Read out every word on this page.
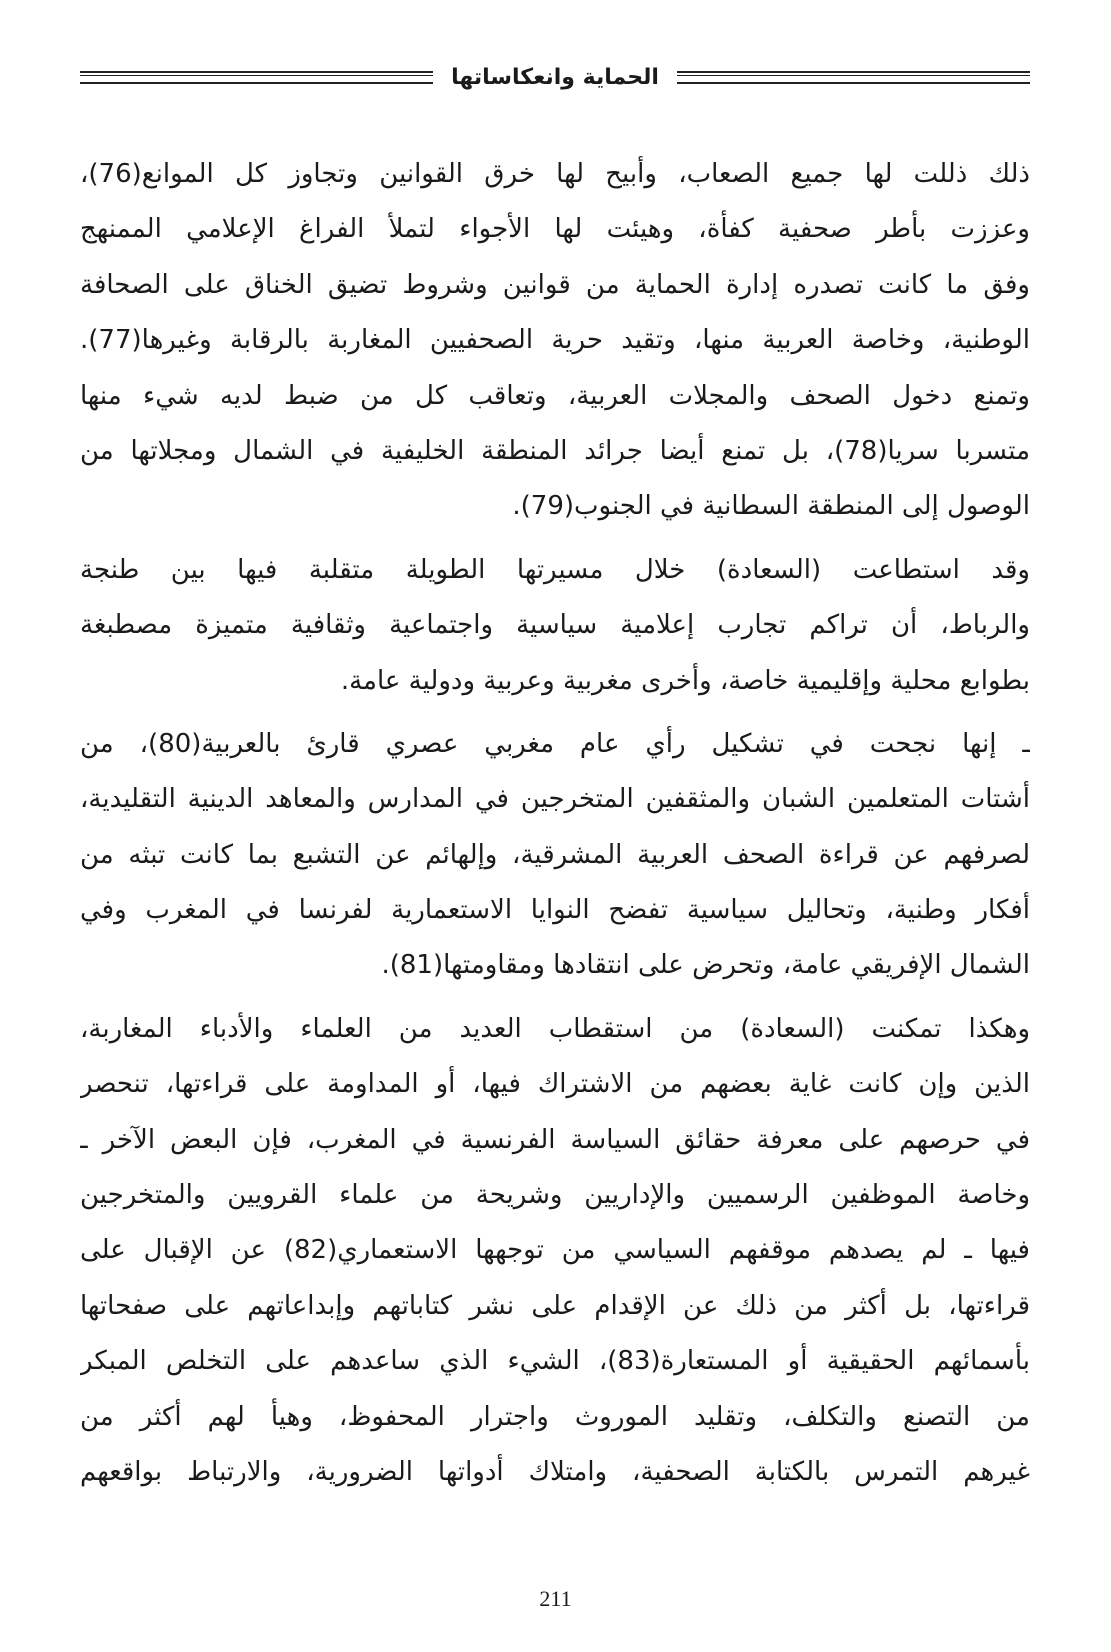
الحماية وانعكاساتها
ذلك ذللت لها جميع الصعاب، وأبيح لها خرق القوانين وتجاوز كل الموانع(76)،
وعززت بأطر صحفية كفأة، وهيئت لها الأجواء لتملأ الفراغ الإعلامي الممنهج
وفق ما كانت تصدره إدارة الحماية من قوانين وشروط تضيق الخناق على الصحافة
الوطنية، وخاصة العربية منها، وتقيد حرية الصحفيين المغاربة بالرقابة وغيرها(77).
وتمنع دخول الصحف والمجلات العربية، وتعاقب كل من ضبط لديه شيء منها
متسربا سريا(78)، بل تمنع أيضا جرائد المنطقة الخليفية في الشمال ومجلاتها من
الوصول إلى المنطقة السطانية في الجنوب(79).
وقد استطاعت (السعادة) خلال مسيرتها الطويلة متقلبة فيها بين طنجة
والرباط، أن تراكم تجارب إعلامية سياسية واجتماعية وثقافية متميزة مصطبغة
بطوابع محلية وإقليمية خاصة، وأخرى مغربية وعربية ودولية عامة.
ـ إنها نجحت في تشكيل رأي عام مغربي عصري قارئ بالعربية(80)، من
أشتات المتعلمين الشبان والمثقفين المتخرجين في المدارس والمعاهد الدينية التقليدية،
لصرفهم عن قراءة الصحف العربية المشرقية، وإلهائم عن التشبع بما كانت تبثه من
أفكار وطنية، وتحاليل سياسية تفضح النوايا الاستعمارية لفرنسا في المغرب وفي
الشمال الإفريقي عامة، وتحرض على انتقادها ومقاومتها(81).
وهكذا تمكنت (السعادة) من استقطاب العديد من العلماء والأدباء المغاربة،
الذين وإن كانت غاية بعضهم من الاشتراك فيها، أو المداومة على قراءتها، تنحصر
في حرصهم على معرفة حقائق السياسة الفرنسية في المغرب، فإن البعض الآخر ـ
وخاصة الموظفين الرسميين والإداريين وشريحة من علماء القرويين والمتخرجين
فيها ـ لم يصدهم موقفهم السياسي من توجهها الاستعماري(82) عن الإقبال على
قراءتها، بل أكثر من ذلك عن الإقدام على نشر كتاباتهم وإبداعاتهم على صفحاتها
بأسمائهم الحقيقية أو المستعارة(83)، الشيء الذي ساعدهم على التخلص المبكر
من التصنع والتكلف، وتقليد الموروث واجترار المحفوظ، وهيأ لهم أكثر من
غيرهم التمرس بالكتابة الصحفية، وامتلاك أدواتها الضرورية، والارتباط بواقعهم
211
